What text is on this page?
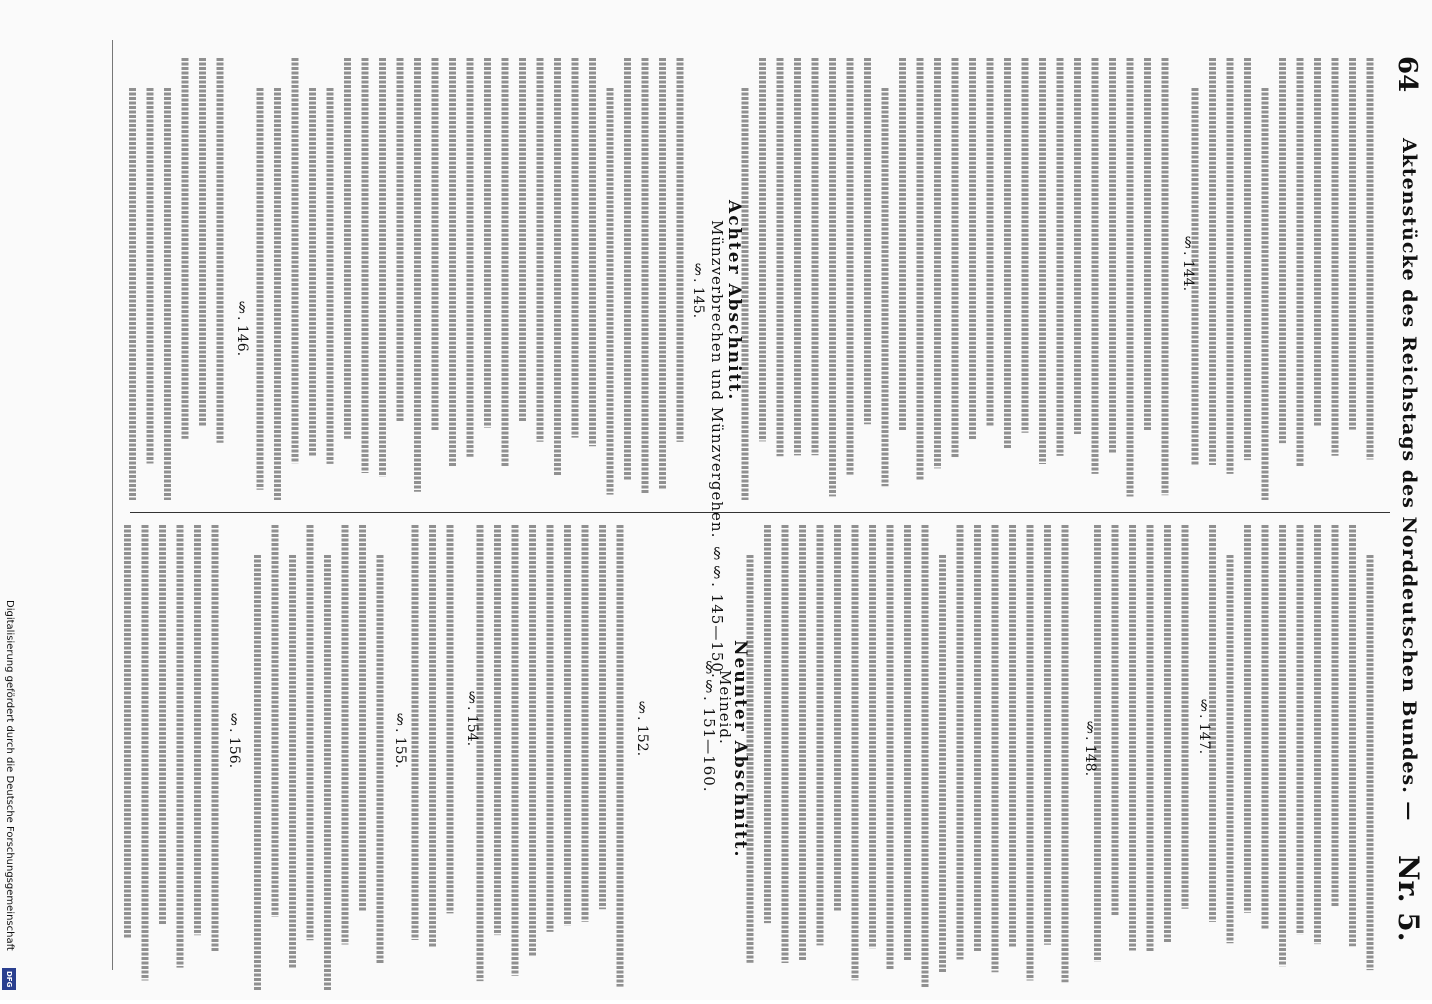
64
Aktenstücke des Reichstags des Norddeutschen Bundes. —
Nr. 5.
§. 144.
Achter Abschnitt.
Münzverbrechen und Münzvergehen. §§. 145—150.
§. 145.
§. 146.
§. 147.
§. 148.
Neunter Abschnitt.
Meineid.
§§. 151—160.
§. 152.
§. 154.
§. 155.
§. 156.
Digitalisierung gefördert durch die Deutsche Forschungsgemeinschaft
DFG
